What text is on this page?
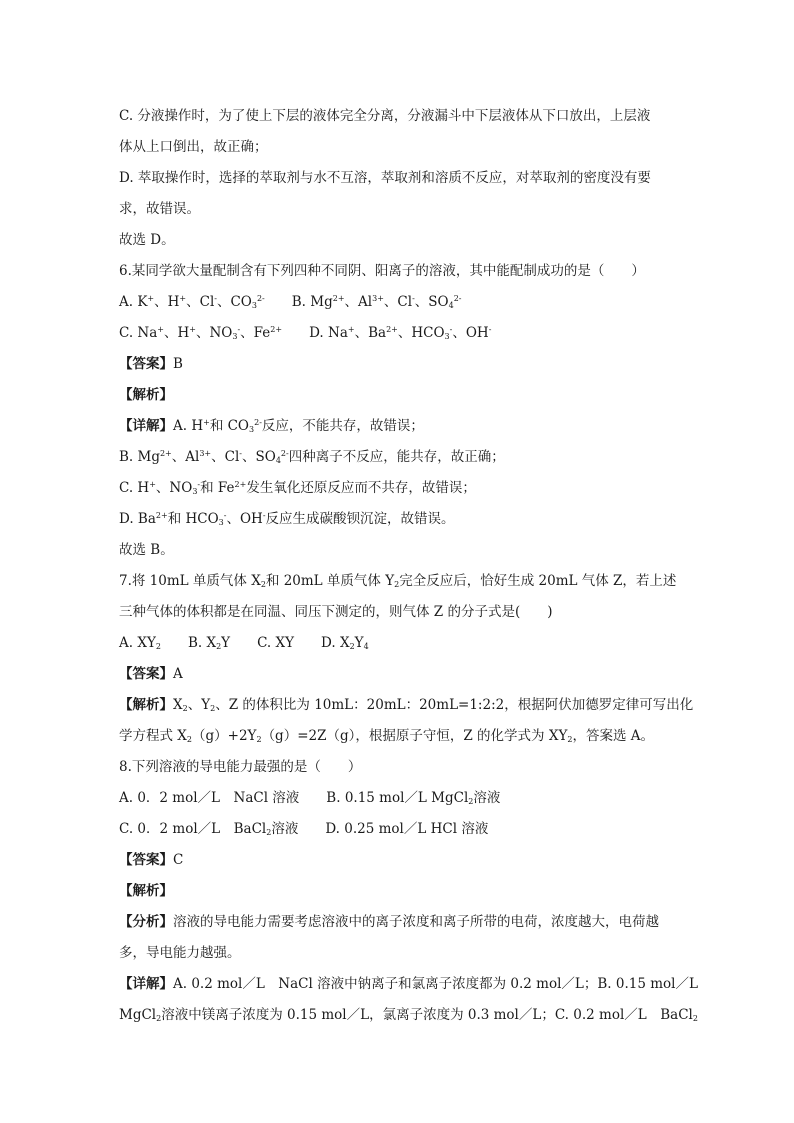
C. 分液操作时，为了使上下层的液体完全分离，分液漏斗中下层液体从下口放出，上层液
体从上口倒出，故正确；
D. 萃取操作时，选择的萃取剂与水不互溶，萃取剂和溶质不反应，对萃取剂的密度没有要
求，故错误。
故选 D。
6.某同学欲大量配制含有下列四种不同阴、阳离子的溶液，其中能配制成功的是（　　）
A. K+、H+、Cl-、$CO_3^{2-}$　　B. $Mg^{2+}$、$Al^{3+}$、Cl-、$SO_4^{2-}$
C. Na+、H+、$NO_3^-$、$Fe^{2+}$　　D. Na+、$Ba^{2+}$、$HCO_3^-$、OH-
【答案】B
【解析】
【详解】A. H+和 $CO_3^{2-}$反应，不能共存，故错误；
B. $Mg^{2+}$、$Al^{3+}$、Cl-、$SO_4^{2-}$四种离子不反应，能共存，故正确；
C. H+、$NO_3^-$和 $Fe^{2+}$发生氧化还原反应而不共存，故错误；
D. $Ba^{2+}$和 $HCO_3^-$、OH-反应生成碳酸钡沉淀，故错误。
故选 B。
7.将 10mL 单质气体 $X_2$和 20mL 单质气体 $Y_2$完全反应后，恰好生成 20mL 气体 Z，若上述
三种气体的体积都是在同温、同压下测定的，则气体 Z 的分子式是(　　)
A. $XY_2$　　B. $X_2Y$　　C. XY　　D. $X_2Y_4$
【答案】A
【解析】$X_2$、$Y_2$、Z 的体积比为 10mL：20mL：20mL=1:2:2，根据阿伏加德罗定律可写出化
学方程式 $X_2(g)+2Y_2(g)=2Z(g)$，根据原子守恒，Z 的化学式为 $XY_2$，答案选 A。
8.下列溶液的导电能力最强的是（　　）
A. 0．2 mol／L　NaCl 溶液　　B. 0.15 mol／L MgCl$_2$溶液
C. 0．2 mol／L　BaCl$_2$溶液　　D. 0.25 mol／L HCl 溶液
【答案】C
【解析】
【分析】溶液的导电能力需要考虑溶液中的离子浓度和离子所带的电荷，浓度越大，电荷越
多，导电能力越强。
【详解】A. 0.2 mol／L　NaCl 溶液中钠离子和氯离子浓度都为 0.2 mol／L；B. 0.15 mol／L
MgCl$_2$溶液中镁离子浓度为 0.15 mol／L，氯离子浓度为 0.3 mol／L；C. 0.2 mol／L　BaCl$_2$
